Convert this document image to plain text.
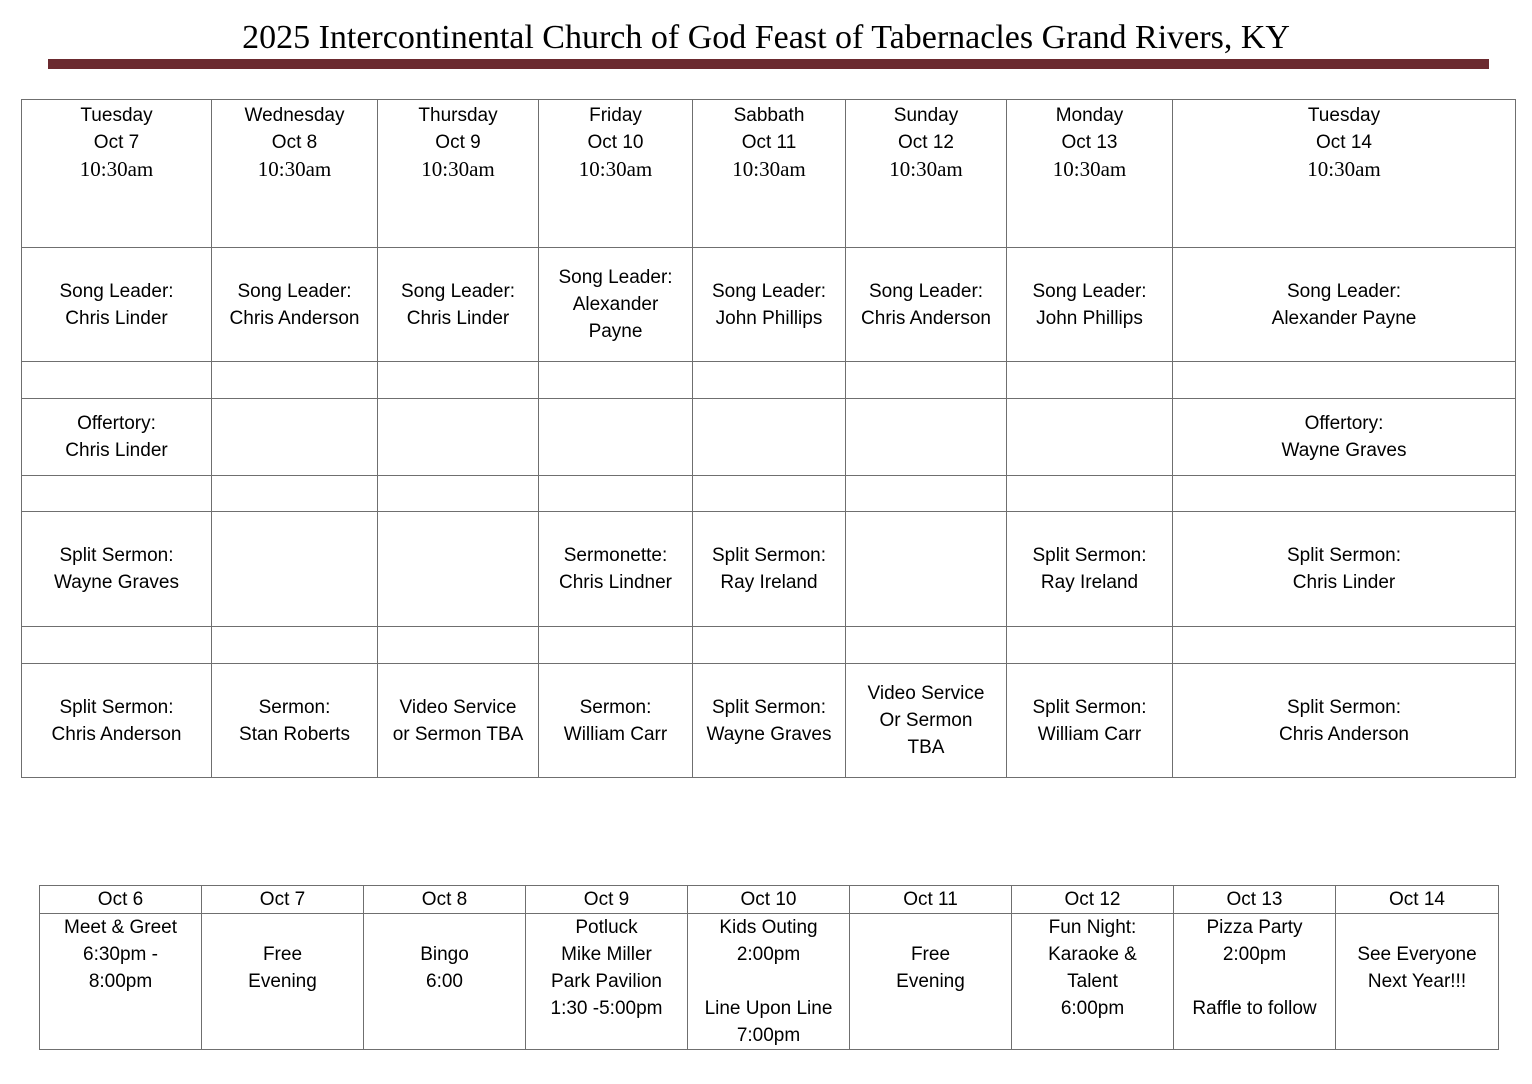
2025 Intercontinental Church of God Feast of Tabernacles Grand Rivers, KY
Tuesday
Oct 7
10:30am	Wednesday
Oct 8
10:30am	Thursday
Oct 9
10:30am	Friday
Oct 10
10:30am	Sabbath
Oct 11
10:30am	Sunday
Oct 12
10:30am	Monday
Oct 13
10:30am	Tuesday
Oct 14
10:30am

Song Leader:
Chris Linder	Song Leader:
Chris Anderson	Song Leader:
Chris Linder	Song Leader:
Alexander
Payne	Song Leader:
John Phillips	Song Leader:
Chris Anderson	Song Leader:
John Phillips	Song Leader:
Alexander Payne

Offertory:
Chris Linder							Offertory:
Wayne Graves

Split Sermon:
Wayne Graves			Sermonette:
Chris Lindner	Split Sermon:
Ray Ireland		Split Sermon:
Ray Ireland	Split Sermon:
Chris Linder

Split Sermon:
Chris Anderson	Sermon:
Stan Roberts	Video Service
or Sermon TBA	Sermon:
William Carr	Split Sermon:
Wayne Graves	Video Service
Or Sermon
TBA	Split Sermon:
William Carr	Split Sermon:
Chris Anderson
Oct 6	Oct 7	Oct 8	Oct 9	Oct 10	Oct 11	Oct 12	Oct 13	Oct 14

Meet & Greet
6:30pm -
8:00pm	Free
Evening	Bingo
6:00	Potluck
Mike Miller
Park Pavilion
1:30 -5:00pm	Kids Outing
2:00pm
Line Upon Line
7:00pm	Free
Evening	Fun Night:
Karaoke &
Talent
6:00pm	Pizza Party
2:00pm
Raffle to follow	See Everyone
Next Year!!!
